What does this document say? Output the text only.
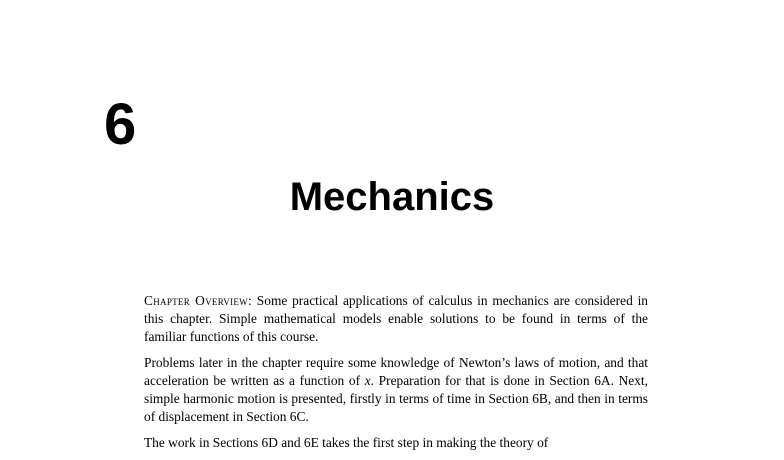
6
Mechanics

Chapter Overview: Some practical applications of calculus in mechanics are considered in this chapter. Simple mathematical models enable solutions to be found in terms of the familiar functions of this course.

Problems later in the chapter require some knowledge of Newton’s laws of motion, and that acceleration be written as a function of x. Preparation for that is done in Section 6A. Next, simple harmonic motion is presented, firstly in terms of time in Section 6B, and then in terms of displacement in Section 6C.

The work in Sections 6D and 6E takes the first step in making the theory of
